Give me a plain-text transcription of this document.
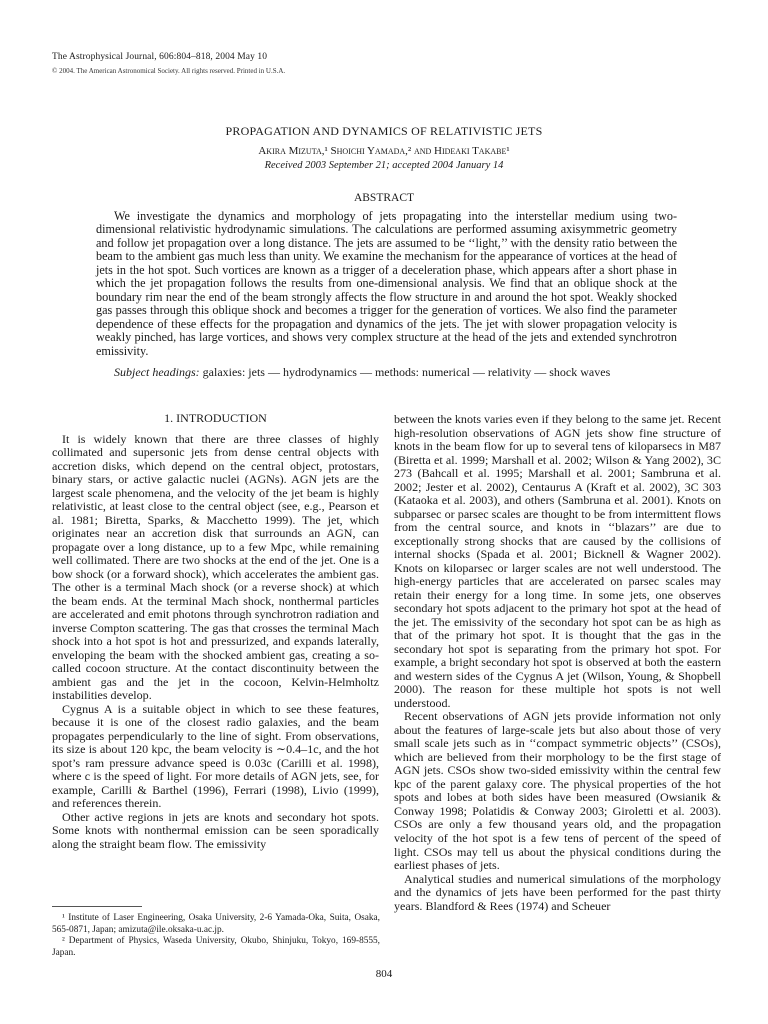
The Astrophysical Journal, 606:804–818, 2004 May 10
© 2004. The American Astronomical Society. All rights reserved. Printed in U.S.A.
PROPAGATION AND DYNAMICS OF RELATIVISTIC JETS
Akira Mizuta,¹ Shoichi Yamada,² and Hideaki Takabe¹
Received 2003 September 21; accepted 2004 January 14
ABSTRACT

We investigate the dynamics and morphology of jets propagating into the interstellar medium using two-dimensional relativistic hydrodynamic simulations. The calculations are performed assuming axisymmetric geometry and follow jet propagation over a long distance. The jets are assumed to be ‘‘light,’’ with the density ratio between the beam to the ambient gas much less than unity. We examine the mechanism for the appearance of vortices at the head of jets in the hot spot. Such vortices are known as a trigger of a deceleration phase, which appears after a short phase in which the jet propagation follows the results from one-dimensional analysis. We find that an oblique shock at the boundary rim near the end of the beam strongly affects the flow structure in and around the hot spot. Weakly shocked gas passes through this oblique shock and becomes a trigger for the generation of vortices. We also find the parameter dependence of these effects for the propagation and dynamics of the jets. The jet with slower propagation velocity is weakly pinched, has large vortices, and shows very complex structure at the head of the jets and extended synchrotron emissivity.

Subject headings: galaxies: jets — hydrodynamics — methods: numerical — relativity — shock waves
1. INTRODUCTION

It is widely known that there are three classes of highly collimated and supersonic jets from dense central objects with accretion disks, which depend on the central object, protostars, binary stars, or active galactic nuclei (AGNs). AGN jets are the largest scale phenomena, and the velocity of the jet beam is highly relativistic, at least close to the central object (see, e.g., Pearson et al. 1981; Biretta, Sparks, & Macchetto 1999). The jet, which originates near an accretion disk that surrounds an AGN, can propagate over a long distance, up to a few Mpc, while remaining well collimated. There are two shocks at the end of the jet. One is a bow shock (or a forward shock), which accelerates the ambient gas. The other is a terminal Mach shock (or a reverse shock) at which the beam ends. At the terminal Mach shock, nonthermal particles are accelerated and emit photons through synchrotron radiation and inverse Compton scattering. The gas that crosses the terminal Mach shock into a hot spot is hot and pressurized, and expands laterally, enveloping the beam with the shocked ambient gas, creating a so-called cocoon structure. At the contact discontinuity between the ambient gas and the jet in the cocoon, Kelvin-Helmholtz instabilities develop.

Cygnus A is a suitable object in which to see these features, because it is one of the closest radio galaxies, and the beam propagates perpendicularly to the line of sight. From observations, its size is about 120 kpc, the beam velocity is ∼0.4–1c, and the hot spot’s ram pressure advance speed is 0.03c (Carilli et al. 1998), where c is the speed of light. For more details of AGN jets, see, for example, Carilli & Barthel (1996), Ferrari (1998), Livio (1999), and references therein.

Other active regions in jets are knots and secondary hot spots. Some knots with nonthermal emission can be seen sporadically along the straight beam flow. The emissivity

between the knots varies even if they belong to the same jet. Recent high-resolution observations of AGN jets show fine structure of knots in the beam flow for up to several tens of kiloparsecs in M87 (Biretta et al. 1999; Marshall et al. 2002; Wilson & Yang 2002), 3C 273 (Bahcall et al. 1995; Marshall et al. 2001; Sambruna et al. 2002; Jester et al. 2002), Centaurus A (Kraft et al. 2002), 3C 303 (Kataoka et al. 2003), and others (Sambruna et al. 2001). Knots on subparsec or parsec scales are thought to be from intermittent flows from the central source, and knots in ‘‘blazars’’ are due to exceptionally strong shocks that are caused by the collisions of internal shocks (Spada et al. 2001; Bicknell & Wagner 2002). Knots on kiloparsec or larger scales are not well understood. The high-energy particles that are accelerated on parsec scales may retain their energy for a long time. In some jets, one observes secondary hot spots adjacent to the primary hot spot at the head of the jet. The emissivity of the secondary hot spot can be as high as that of the primary hot spot. It is thought that the gas in the secondary hot spot is separating from the primary hot spot. For example, a bright secondary hot spot is observed at both the eastern and western sides of the Cygnus A jet (Wilson, Young, & Shopbell 2000). The reason for these multiple hot spots is not well understood.

Recent observations of AGN jets provide information not only about the features of large-scale jets but also about those of very small scale jets such as in ‘‘compact symmetric objects’’ (CSOs), which are believed from their morphology to be the first stage of AGN jets. CSOs show two-sided emissivity within the central few kpc of the parent galaxy core. The physical properties of the hot spots and lobes at both sides have been measured (Owsianik & Conway 1998; Polatidis & Conway 2003; Giroletti et al. 2003). CSOs are only a few thousand years old, and the propagation velocity of the hot spot is a few tens of percent of the speed of light. CSOs may tell us about the physical conditions during the earliest phases of jets.

Analytical studies and numerical simulations of the morphology and the dynamics of jets have been performed for the past thirty years. Blandford & Rees (1974) and Scheuer

¹ Institute of Laser Engineering, Osaka University, 2-6 Yamada-Oka, Suita, Osaka, 565-0871, Japan; amizuta@ile.oksaka-u.ac.jp.

² Department of Physics, Waseda University, Okubo, Shinjuku, Tokyo, 169-8555, Japan.

804
